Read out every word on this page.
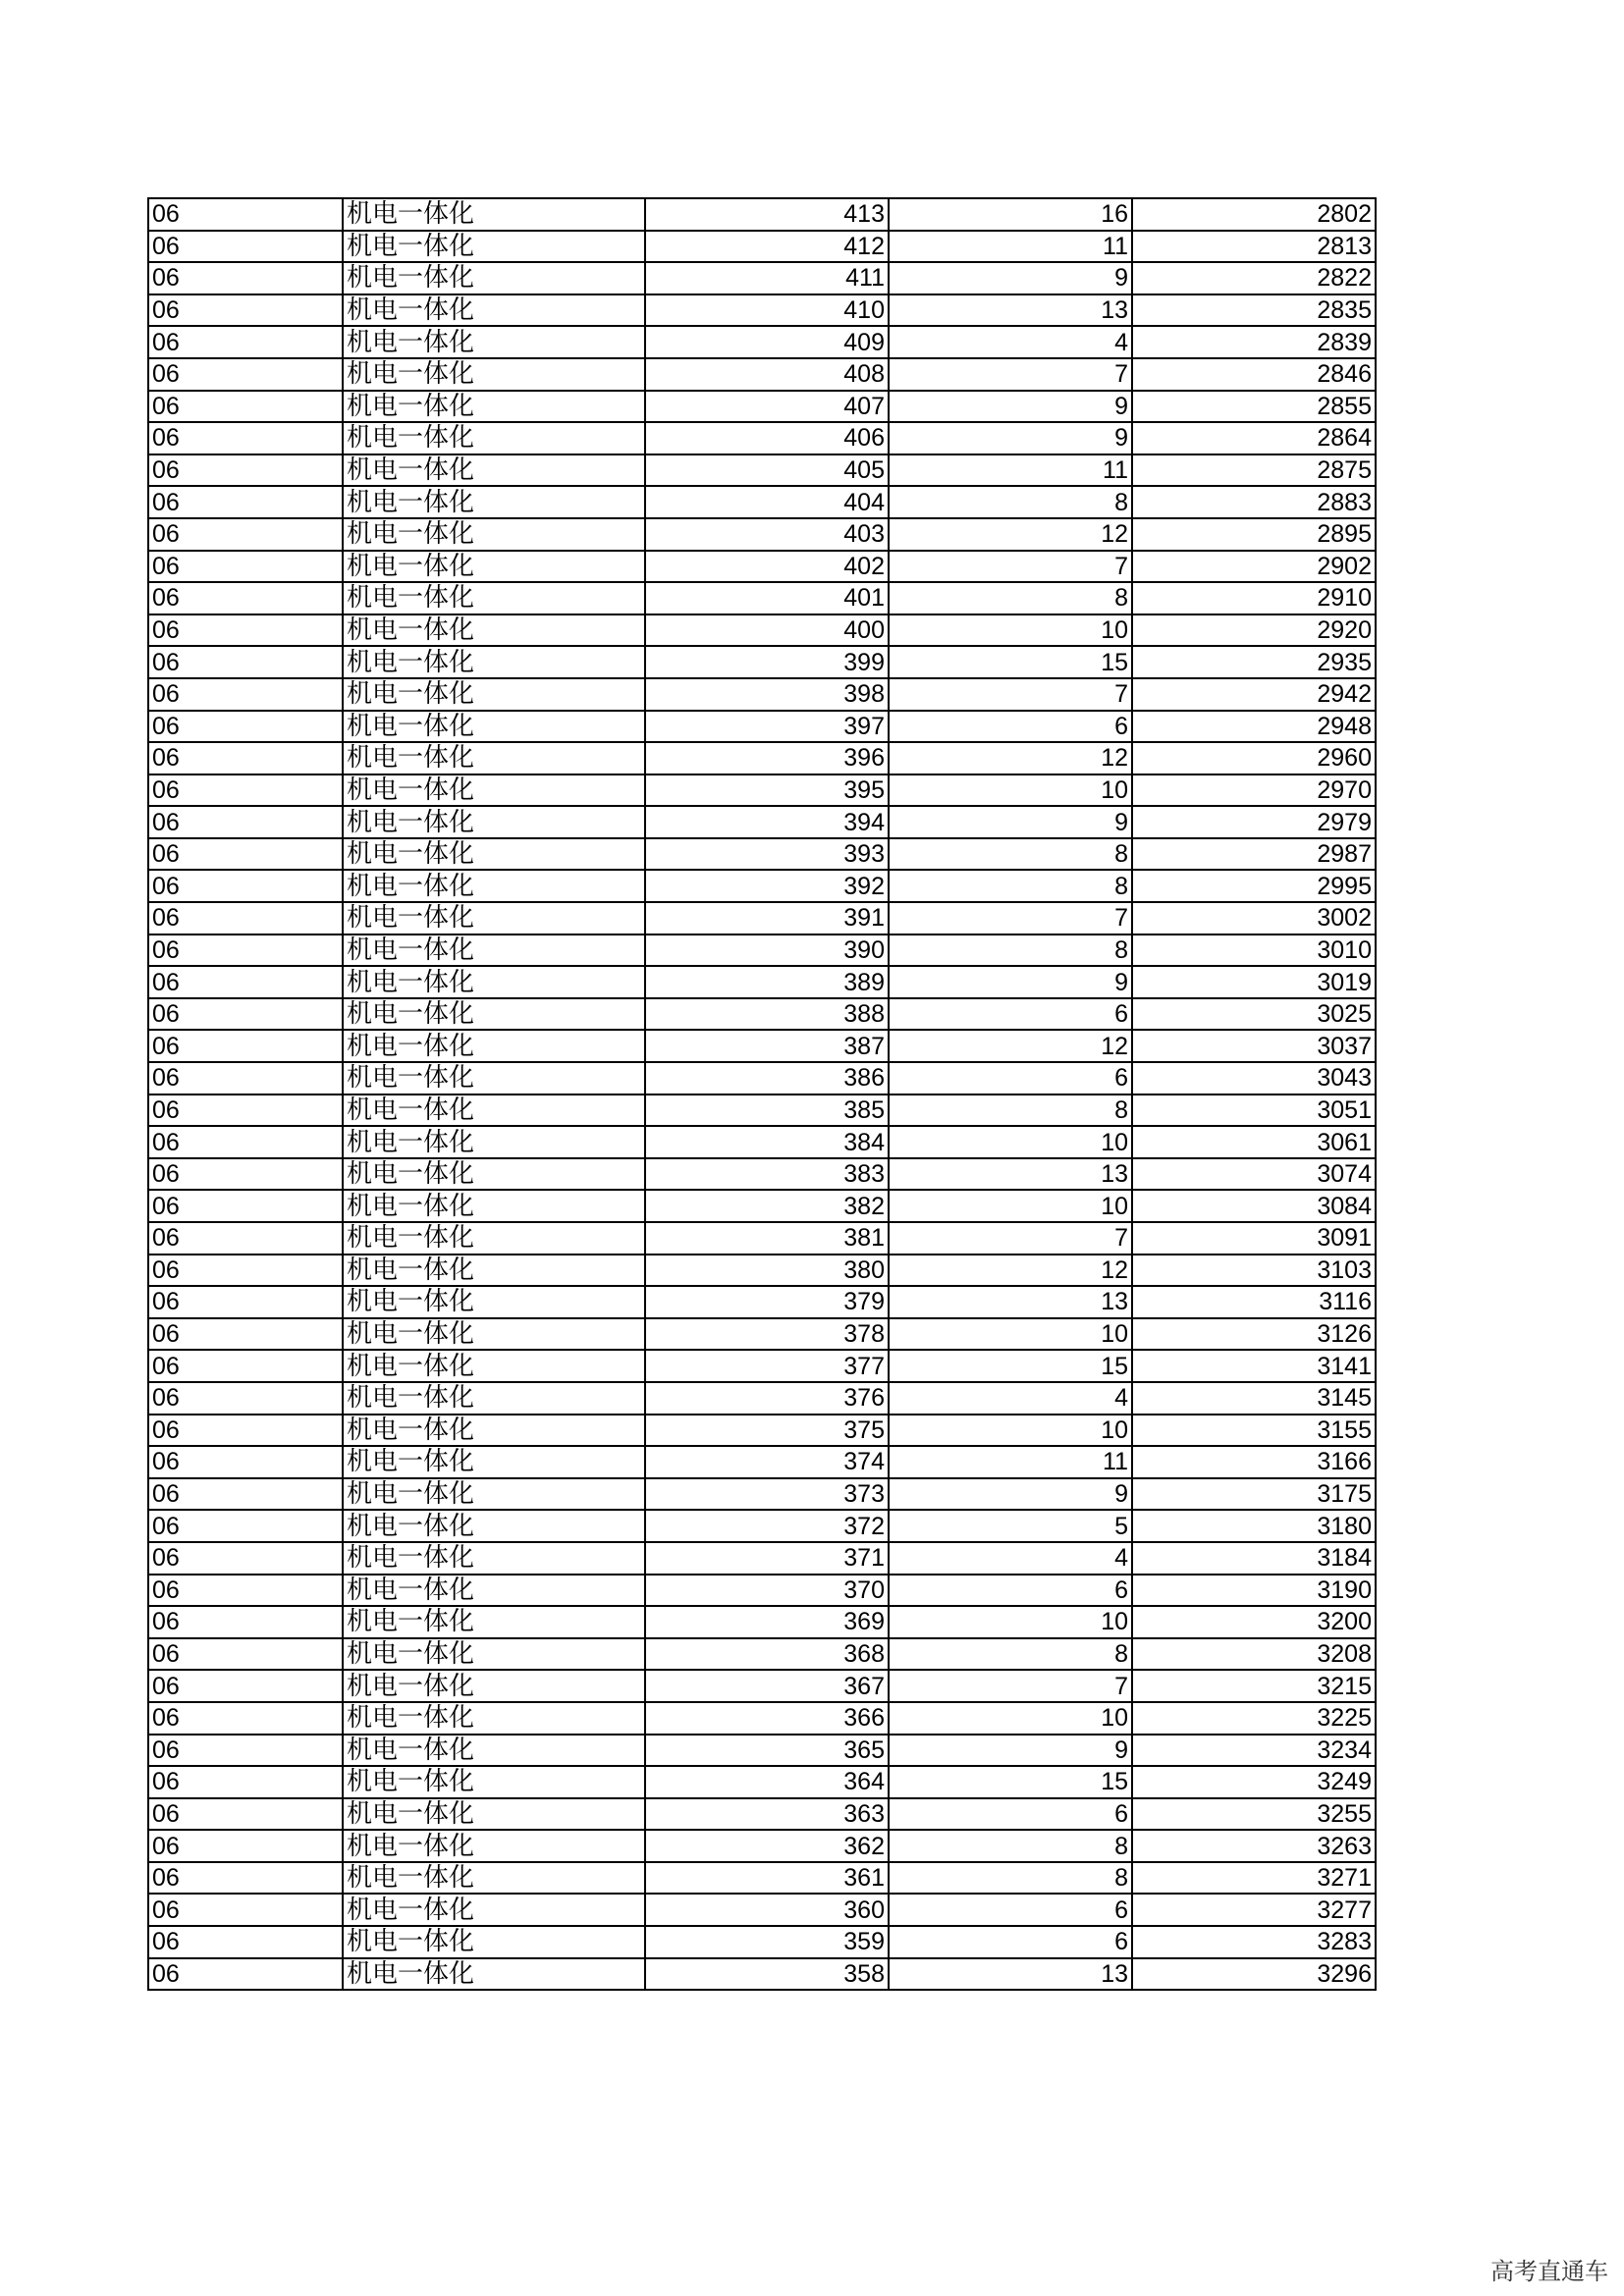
06	机电一体化	413	16	2802
06	机电一体化	412	11	2813
06	机电一体化	411	9	2822
06	机电一体化	410	13	2835
06	机电一体化	409	4	2839
06	机电一体化	408	7	2846
06	机电一体化	407	9	2855
06	机电一体化	406	9	2864
06	机电一体化	405	11	2875
06	机电一体化	404	8	2883
06	机电一体化	403	12	2895
06	机电一体化	402	7	2902
06	机电一体化	401	8	2910
06	机电一体化	400	10	2920
06	机电一体化	399	15	2935
06	机电一体化	398	7	2942
06	机电一体化	397	6	2948
06	机电一体化	396	12	2960
06	机电一体化	395	10	2970
06	机电一体化	394	9	2979
06	机电一体化	393	8	2987
06	机电一体化	392	8	2995
06	机电一体化	391	7	3002
06	机电一体化	390	8	3010
06	机电一体化	389	9	3019
06	机电一体化	388	6	3025
06	机电一体化	387	12	3037
06	机电一体化	386	6	3043
06	机电一体化	385	8	3051
06	机电一体化	384	10	3061
06	机电一体化	383	13	3074
06	机电一体化	382	10	3084
06	机电一体化	381	7	3091
06	机电一体化	380	12	3103
06	机电一体化	379	13	3116
06	机电一体化	378	10	3126
06	机电一体化	377	15	3141
06	机电一体化	376	4	3145
06	机电一体化	375	10	3155
06	机电一体化	374	11	3166
06	机电一体化	373	9	3175
06	机电一体化	372	5	3180
06	机电一体化	371	4	3184
06	机电一体化	370	6	3190
06	机电一体化	369	10	3200
06	机电一体化	368	8	3208
06	机电一体化	367	7	3215
06	机电一体化	366	10	3225
06	机电一体化	365	9	3234
06	机电一体化	364	15	3249
06	机电一体化	363	6	3255
06	机电一体化	362	8	3263
06	机电一体化	361	8	3271
06	机电一体化	360	6	3277
06	机电一体化	359	6	3283
06	机电一体化	358	13	3296
高考直通车
